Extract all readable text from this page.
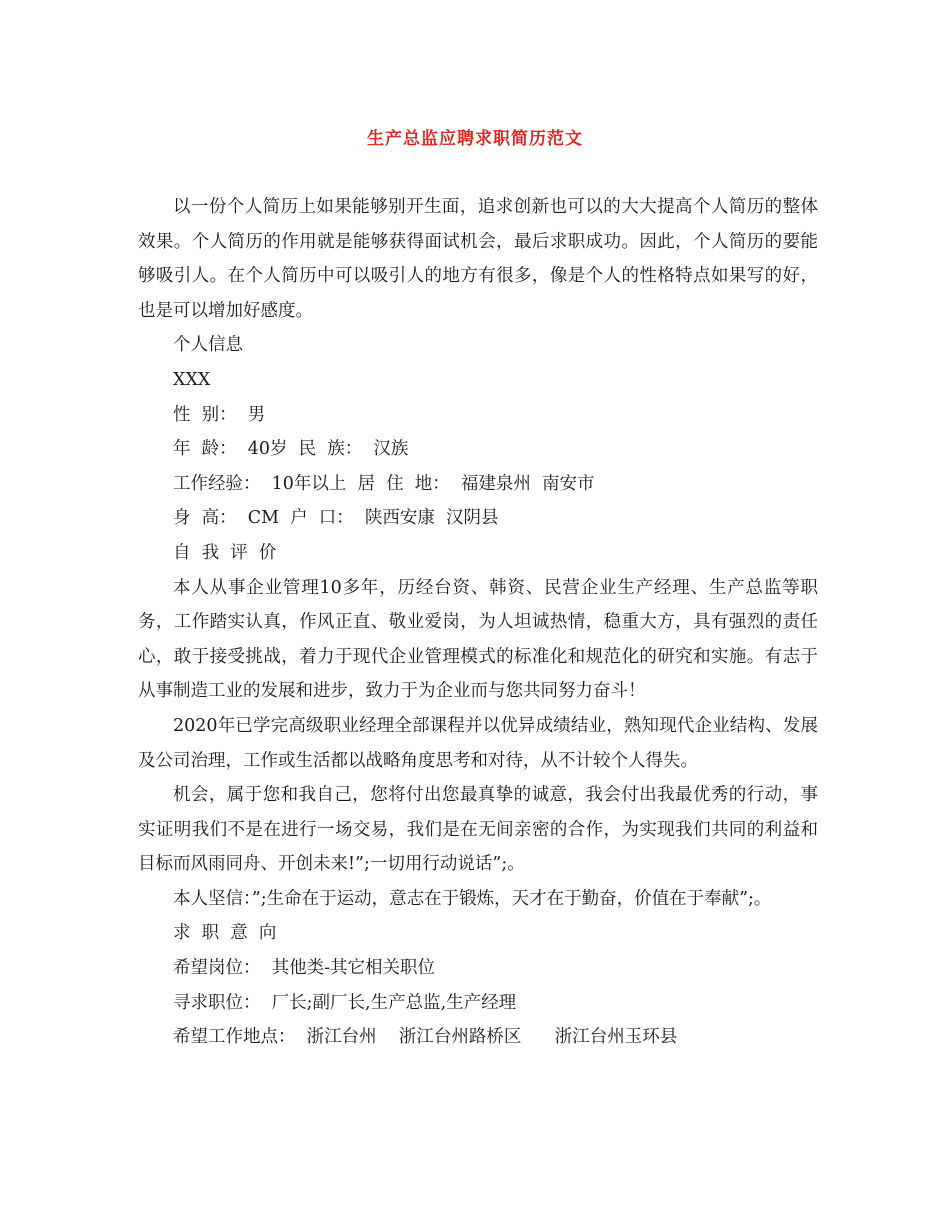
生产总监应聘求职简历范文

以一份个人简历上如果能够别开生面，追求创新也可以的大大提高个人简历的整体效果。个人简历的作用就是能够获得面试机会，最后求职成功。因此，个人简历的要能够吸引人。在个人简历中可以吸引人的地方有很多，像是个人的性格特点如果写的好，也是可以增加好感度。

个人信息

XXX

性  别：  男

年  龄：  40岁  民  族：  汉族

工作经验：  10年以上  居  住  地：  福建泉州  南安市

身  高：  CM  户  口：  陕西安康  汉阴县

自  我  评  价

本人从事企业管理10多年，历经台资、韩资、民营企业生产经理、生产总监等职务，工作踏实认真，作风正直、敬业爱岗，为人坦诚热情，稳重大方，具有强烈的责任心，敢于接受挑战，着力于现代企业管理模式的标准化和规范化的研究和实施。有志于从事制造工业的发展和进步，致力于为企业而与您共同努力奋斗！

2020年已学完高级职业经理全部课程并以优异成绩结业，熟知现代企业结构、发展及公司治理，工作或生活都以战略角度思考和对待，从不计较个人得失。

机会，属于您和我自己，您将付出您最真挚的诚意，我会付出我最优秀的行动，事实证明我们不是在进行一场交易，我们是在无间亲密的合作，为实现我们共同的利益和目标而风雨同舟、开创未来!”;一切用行动说话”;。

本人坚信：”;生命在于运动，意志在于锻炼，天才在于勤奋，价值在于奉献”;。

求  职  意  向

希望岗位：  其他类-其它相关职位

寻求职位：  厂长;副厂长,生产总监,生产经理

希望工作地点：  浙江台州    浙江台州路桥区      浙江台州玉环县
